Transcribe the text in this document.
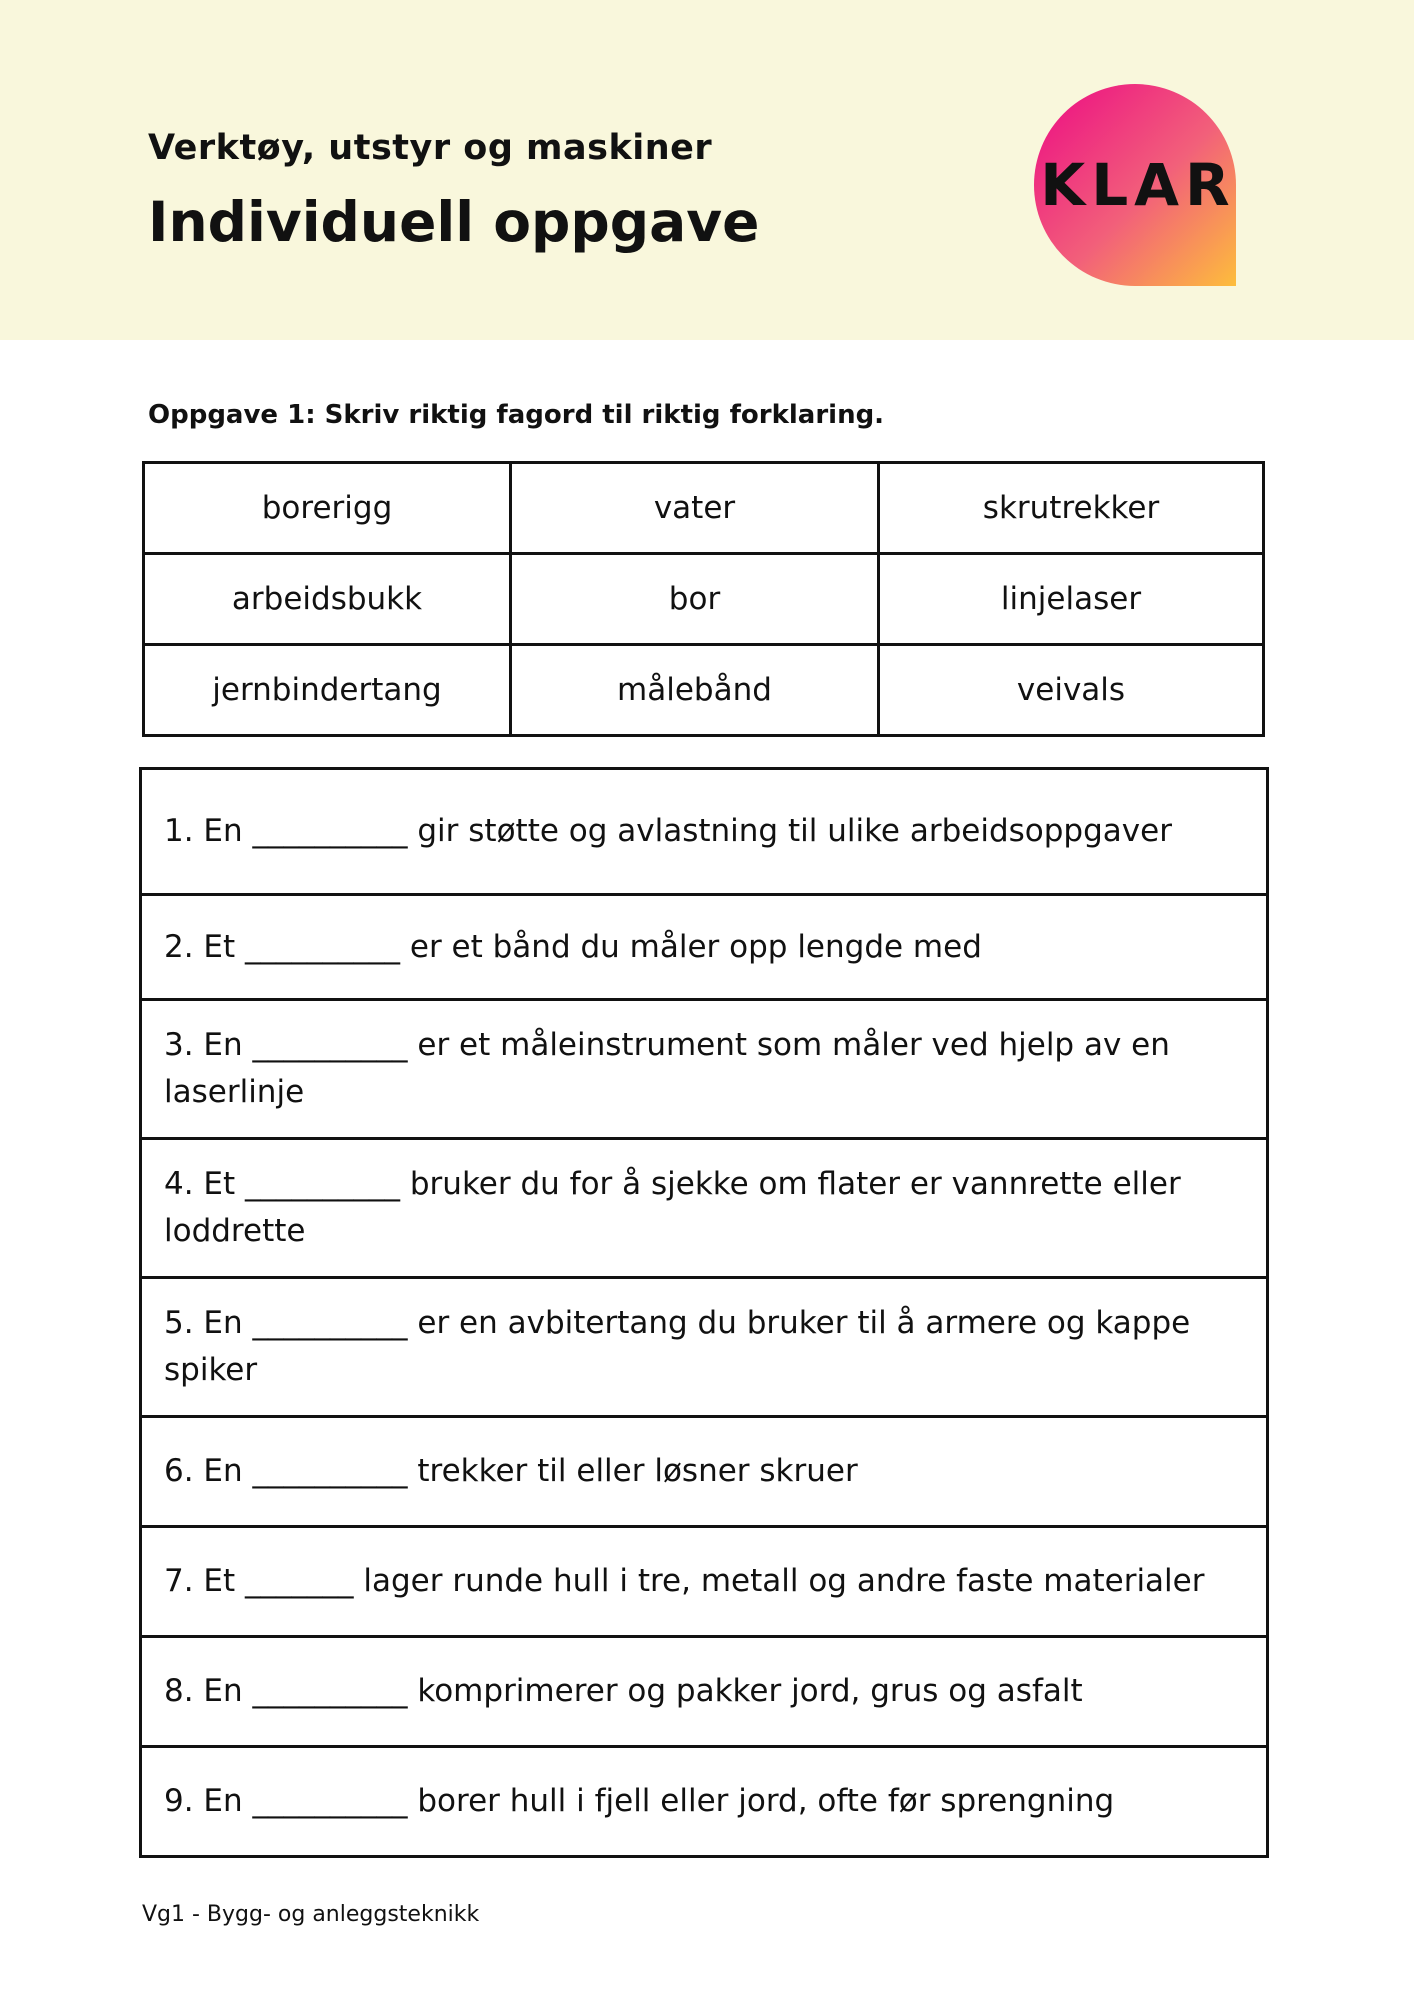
Verktøy, utstyr og maskiner
Individuell oppgave
KLAR
Oppgave 1: Skriv riktig fagord til riktig forklaring.
borerigg	vater	skrutrekker
arbeidsbukk	bor	linjelaser
jernbindertang	målebånd	veivals
1. En __________ gir støtte og avlastning til ulike arbeidsoppgaver
2. Et __________ er et bånd du måler opp lengde med
3. En __________ er et måleinstrument som måler ved hjelp av en laserlinje
4. Et __________ bruker du for å sjekke om flater er vannrette eller loddrette
5. En __________ er en avbitertang du bruker til å armere og kappe spiker
6. En __________ trekker til eller løsner skruer
7. Et _______ lager runde hull i tre, metall og andre faste materialer
8. En __________ komprimerer og pakker jord, grus og asfalt
9. En __________ borer hull i fjell eller jord, ofte før sprengning
Vg1 - Bygg- og anleggsteknikk
